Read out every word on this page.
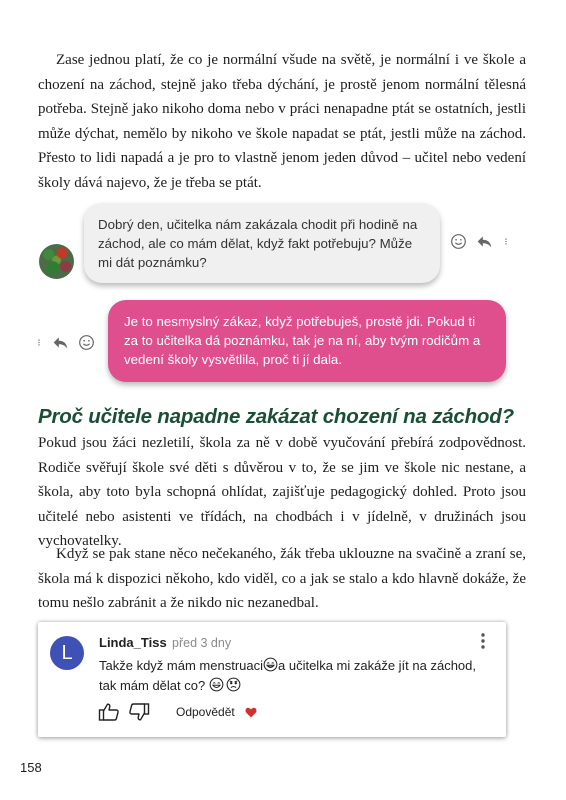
Zase jednou platí, že co je normální všude na světě, je normální i ve škole a chození na záchod, stejně jako třeba dýchání, je prostě jenom normální tělesná potřeba. Stejně jako nikoho doma nebo v práci nenapadne ptát se ostatních, jestli může dýchat, nemělo by nikoho ve škole napadat se ptát, jestli může na záchod. Přesto to lidi napadá a je pro to vlastně jenom jeden důvod – učitel nebo vedení školy dává najevo, že je třeba se ptát.

Dobrý den, učitelka nám zakázala chodit při hodině na záchod, ale co mám dělat, když fakt potřebuju? Může mi dát poznámku?
Je to nesmyslný zákaz, když potřebuješ, prostě jdi. Pokud ti za to učitelka dá poznámku, tak je na ní, aby tvým rodičům a vedení školy vysvětlila, proč ti jí dala.
Proč učitele napadne zakázat chození na záchod?

Pokud jsou žáci nezletilí, škola za ně v době vyučování přebírá zodpovědnost. Rodiče svěřují škole své děti s důvěrou v to, že se jim ve škole nic nestane, a škola, aby toto byla schopná ohlídat, zajišťuje pedagogický dohled. Proto jsou učitelé nebo asistenti ve třídách, na chodbách i v jídelně, v družinách jsou vychovatelky.

Když se pak stane něco nečekaného, žák třeba uklouzne na svačině a zraní se, škola má k dispozici někoho, kdo viděl, co a jak se stalo a kdo hlavně dokáže, že tomu nešlo zabránit a že nikdo nic nezanedbal.

L	Linda_Tiss před 3 dny
Takže když mám menstruaci a učitelka mi zakáže jít na záchod, tak mám dělat co?
Odpovědět
158
